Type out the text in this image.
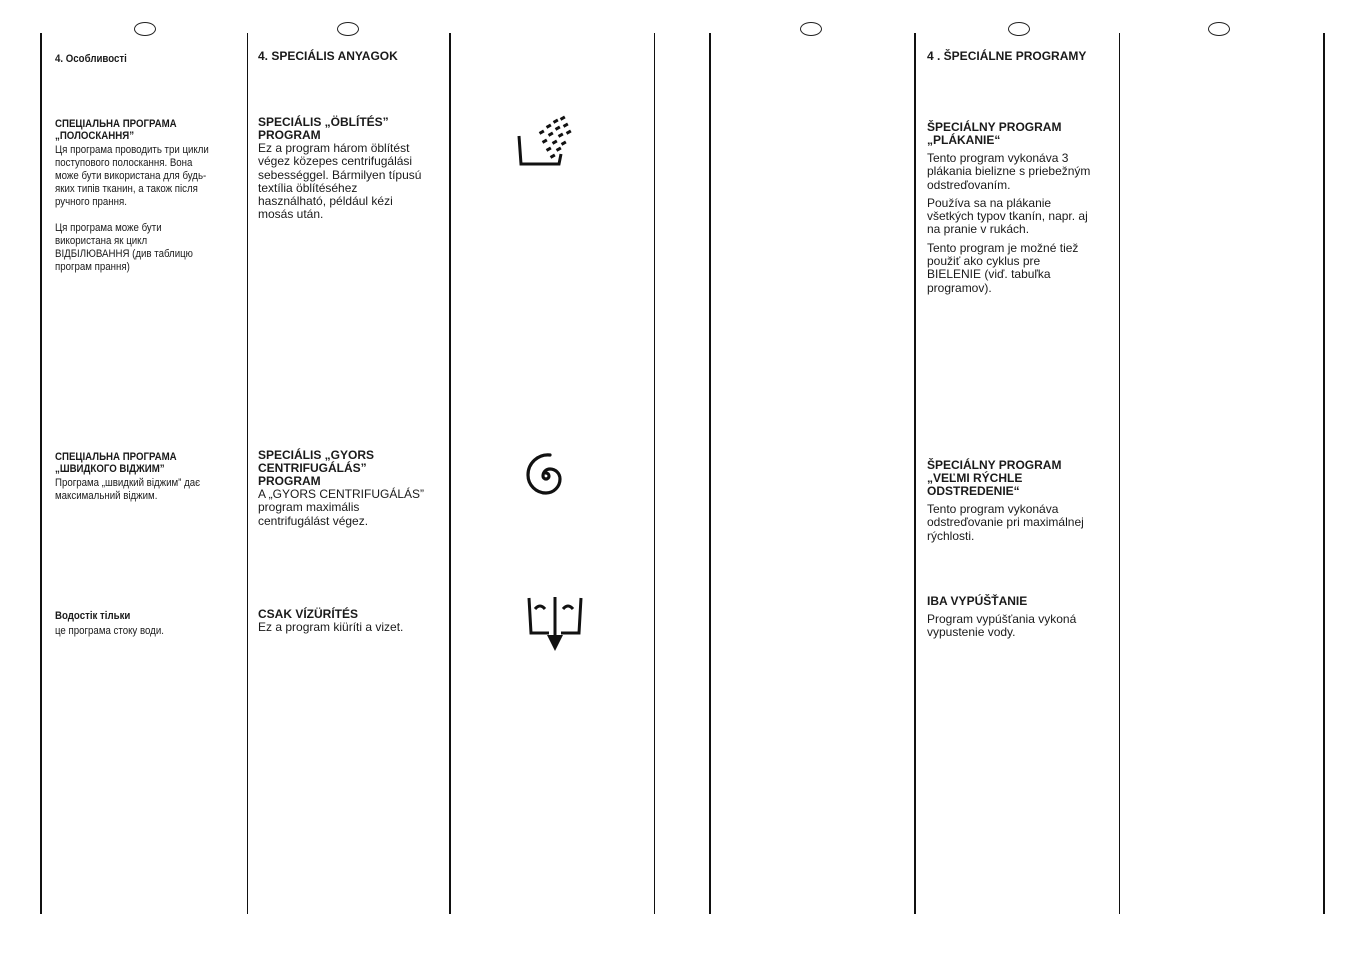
4. Особливості
СПЕЦІАЛЬНА ПРОГРАМА
„ПОЛОСКАННЯ”
Ця програма проводить три цикли
поступового полоскання. Вона
може бути використана для будь-
яких типів тканин, а також після
ручного прання.
Ця програма може бути
використана як цикл
ВІДБІЛЮВАННЯ (див таблицю
програм прання)
СПЕЦІАЛЬНА ПРОГРАМА
„ШВИДКОГО ВІДЖИМ”
Програма „швидкий віджим” дає
максимальний віджим.
Водостік тільки
це програма стоку води.
4. SPECIÁLIS ANYAGOK
SPECIÁLIS „ÖBLÍTÉS”
PROGRAM
Ez a program három öblítést
végez közepes centrifugálási
sebességgel. Bármilyen típusú
textília öblítéséhez
használható, például kézi
mosás után.
SPECIÁLIS „GYORS
CENTRIFUGÁLÁS”
PROGRAM
A „GYORS CENTRIFUGÁLÁS”
program maximális
centrifugálást végez.
CSAK VÍZÜRÍTÉS
Ez a program kiüríti a vizet.
4 . ŠPECIÁLNE PROGRAMY
ŠPECIÁLNY PROGRAM
„PLÁKANIE“

Tento program vykonáva 3
plákania bielizne s priebežným
odstreďovaním.

Používa sa na plákanie
všetkých typov tkanín, napr. aj
na pranie v rukách.

Tento program je možné tiež
použiť ako cyklus pre
BIELENIE (viď. tabuľka
programov).

ŠPECIÁLNY PROGRAM
„VEĽMI RÝCHLE
ODSTREDENIE“

Tento program vykonáva
odstreďovanie pri maximálnej
rýchlosti.

IBA VYPÚŠŤANIE

Program vypúšťania vykoná
vypustenie vody.
